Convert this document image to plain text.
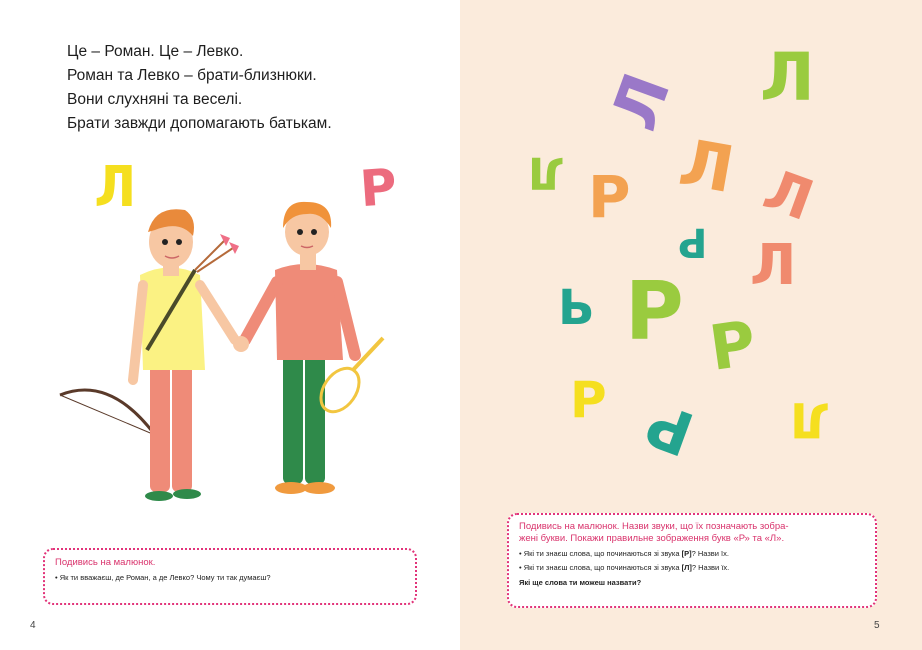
Це – Роман. Це – Левко.
Роман та Левко – брати-близнюки.
Вони слухняні та веселі.
Брати завжди допомагають батькам.
Л	Р

Подивись на малюнок.

• Як ти вважаєш, де Роман, а де Левко? Чому ти так думаєш?

4
Л Л
Л Р Л Л
Р Л
Ь Р Р
Р Р Л

Подивись на малюнок. Назви звуки, що їх позначають зобра-

жені букви. Покажи правильне зображення букв «Р» та «Л».

• Які ти знаєш слова, що починаються зі звука [Р]? Назви їх.

• Які ти знаєш слова, що починаються зі звука [Л]? Назви їх.

Які ще слова ти можеш назвати?

5
